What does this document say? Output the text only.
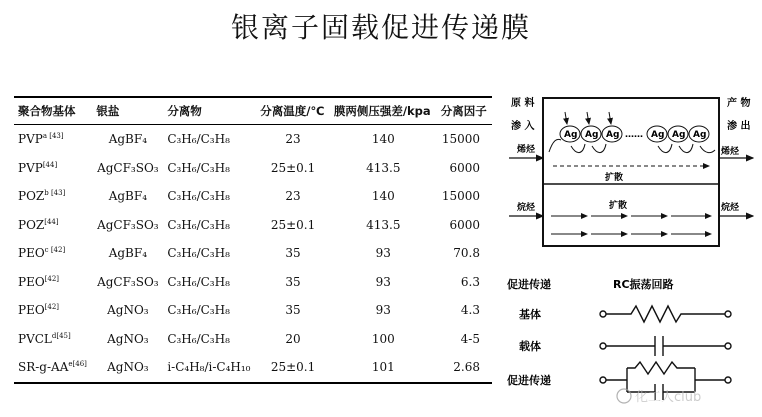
银离子固载促进传递膜
聚合物基体	银盐	分离物	分离温度/℃	膜两侧压强差/kpa	分离因子
$PVP^{a [43]}$	AgBF₄	C₃H₆/C₃H₈	23	140	15000
PVP[44]	AgCF₃SO₃	C₃H₆/C₃H₈	25±0.1	413.5	6000
$POZ^{b [43]}$	AgBF₄	C₃H₆/C₃H₈	23	140	15000
POZ[44]	AgCF₃SO₃	C₃H₆/C₃H₈	25±0.1	413.5	6000
$PEO^{c [42]}$	AgBF₄	C₃H₆/C₃H₈	35	93	70.8
PEO[42]	AgCF₃SO₃	C₃H₆/C₃H₈	35	93	6.3
PEO[42]	AgNO₃	C₃H₆/C₃H₈	35	93	4.3
$PVCL^{d[45]}$	AgNO₃	C₃H₆/C₃H₈	20	100	4-5
$SR-g-AA^{e[46]}$	AgNO₃	i-C₄H₈/i-C₄H₁₀	25±0.1	101	2.68
原 料
渗 入
产 物
渗 出
烯烃	烯烃
Ag Ag Ag …… Ag Ag Ag
扩散
烷烃	烷烃
扩散
促进传递	RC振荡回路
基体
载体
促进传递
化工人club
